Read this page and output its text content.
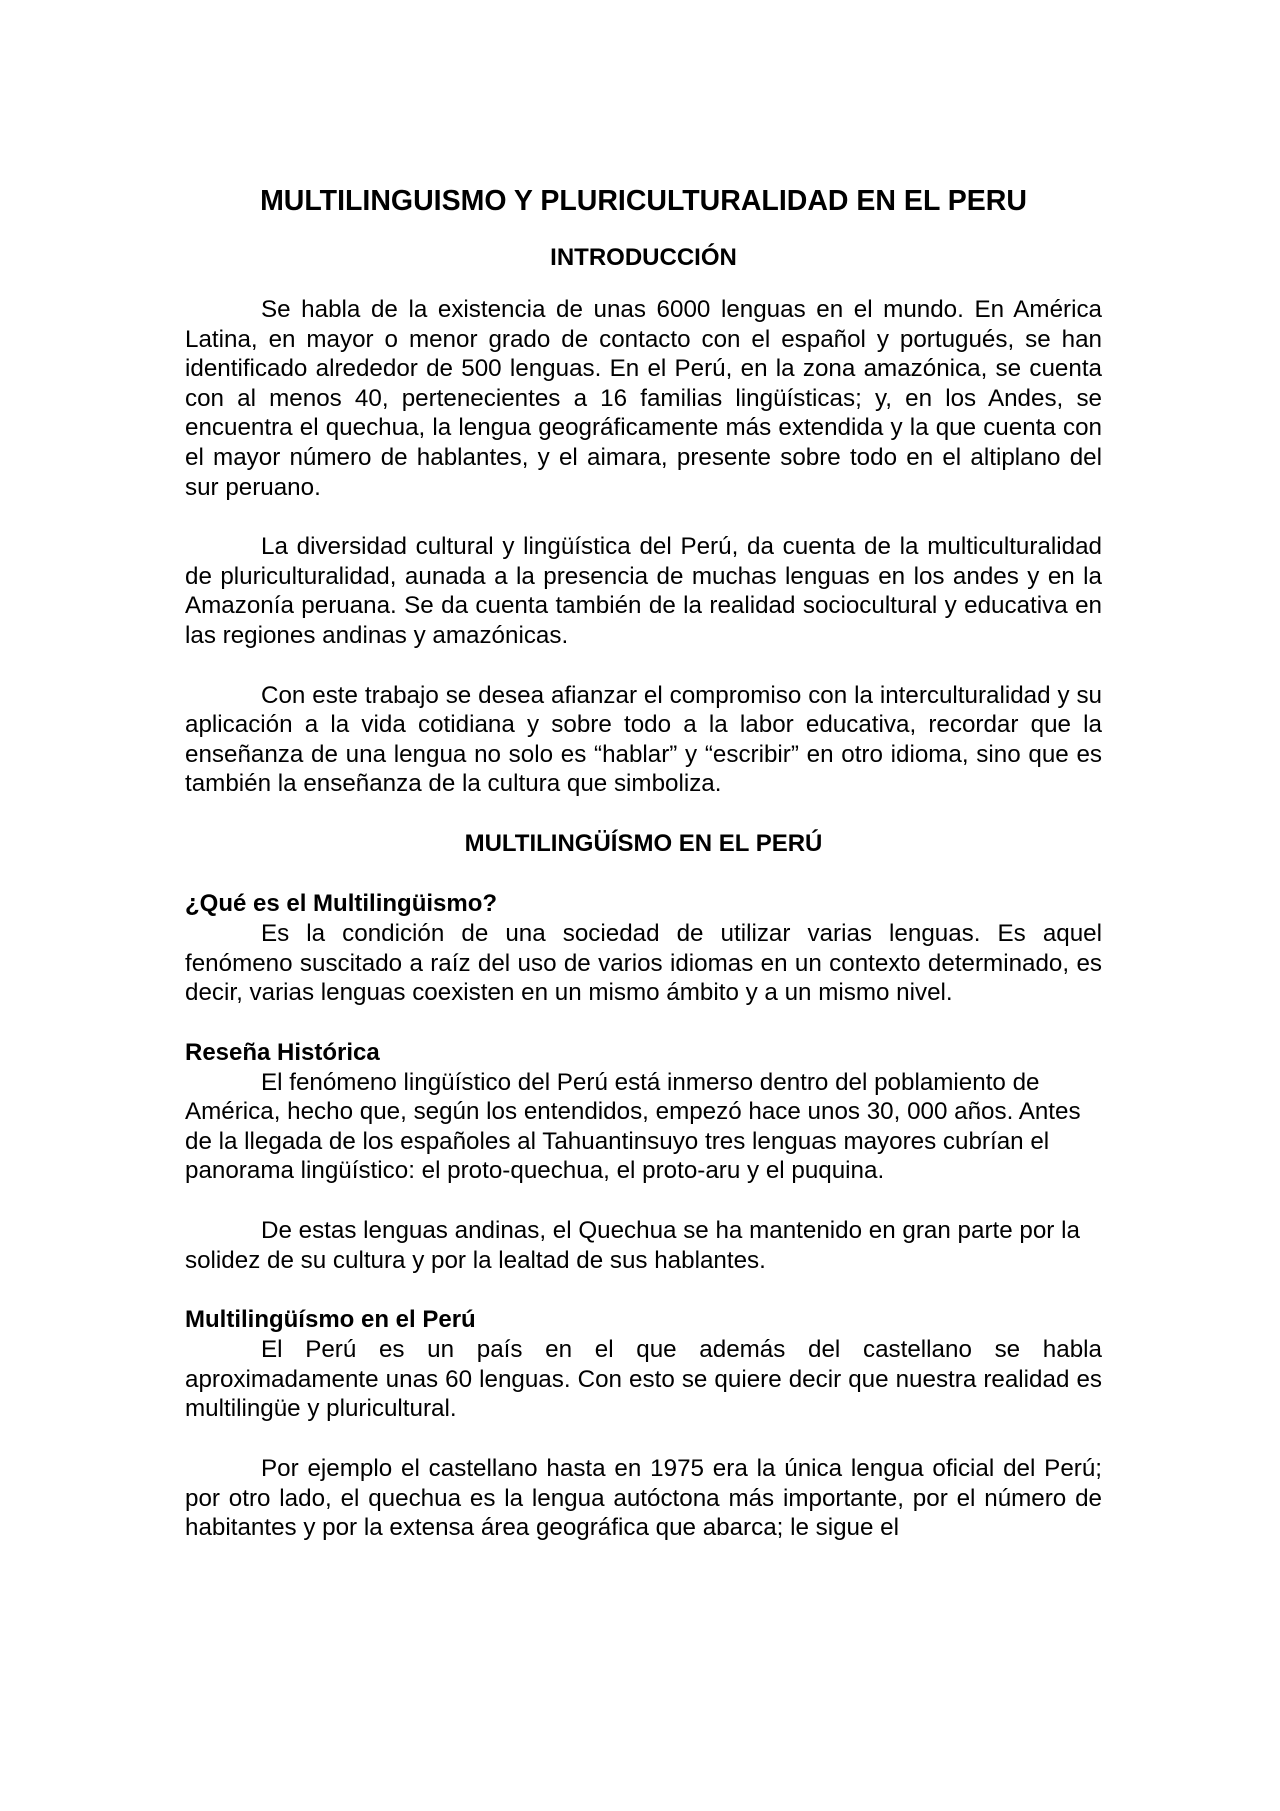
MULTILINGUISMO Y PLURICULTURALIDAD EN EL PERU
INTRODUCCIÓN

Se habla de la existencia de unas 6000 lenguas en el mundo. En América Latina, en mayor o menor grado de contacto con el español y portugués, se han identificado alrededor de 500 lenguas. En el Perú, en la zona amazónica, se cuenta con al menos 40, pertenecientes a 16 familias lingüísticas; y, en los Andes, se encuentra el quechua, la lengua geográficamente más extendida y la que cuenta con el mayor número de hablantes, y el aimara, presente sobre todo en el altiplano del sur peruano.

La diversidad cultural y lingüística del Perú, da cuenta de la multiculturalidad de pluriculturalidad, aunada a la presencia de muchas lenguas en los andes y en la Amazonía peruana. Se da cuenta también de la realidad sociocultural y educativa en las regiones andinas y amazónicas.

Con este trabajo se desea afianzar el compromiso con la interculturalidad y su aplicación a la vida cotidiana y sobre todo a la labor educativa, recordar que la enseñanza de una lengua no solo es “hablar” y “escribir” en otro idioma, sino que es también la enseñanza de la cultura que simboliza.

MULTILINGÜÍSMO EN EL PERÚ
¿Qué es el Multilingüismo?

Es la condición de una sociedad de utilizar varias lenguas. Es aquel fenómeno suscitado a raíz del uso de varios idiomas en un contexto determinado, es decir, varias lenguas coexisten en un mismo ámbito y a un mismo nivel.

Reseña Histórica

El fenómeno lingüístico del Perú está inmerso dentro del poblamiento de América, hecho que, según los entendidos, empezó hace unos 30, 000 años. Antes de la llegada de los españoles al Tahuantinsuyo tres lenguas mayores cubrían el panorama lingüístico: el proto-quechua, el proto-aru y el puquina.

De estas lenguas andinas, el Quechua se ha mantenido en gran parte por la solidez de su cultura y por la lealtad de sus hablantes.

Multilingüísmo en el Perú

El Perú es un país en el que además del castellano se habla aproximadamente unas 60 lenguas. Con esto se quiere decir que nuestra realidad es multilingüe y pluricultural.

Por ejemplo el castellano hasta en 1975 era la única lengua oficial del Perú; por otro lado, el quechua es la lengua autóctona más importante, por el número de habitantes y por la extensa área geográfica que abarca; le sigue el
